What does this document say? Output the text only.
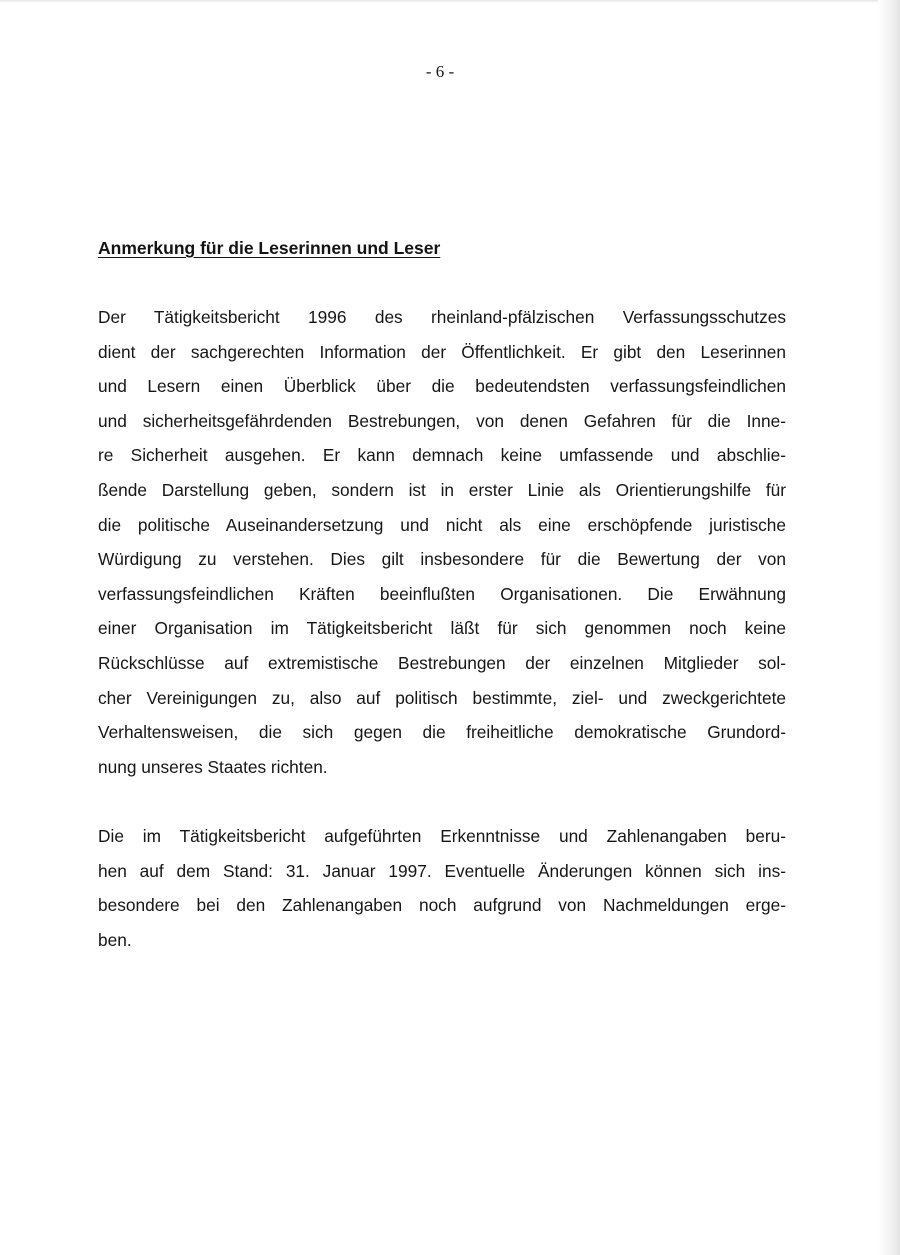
- 6 -
Anmerkung für die Leserinnen und Leser
Der Tätigkeitsbericht 1996 des rheinland-pfälzischen Verfassungsschutzes
dient der sachgerechten Information der Öffentlichkeit. Er gibt den Leserinnen
und Lesern einen Überblick über die bedeutendsten verfassungsfeindlichen
und sicherheitsgefährdenden Bestrebungen, von denen Gefahren für die Inne-
re Sicherheit ausgehen. Er kann demnach keine umfassende und abschlie-
ßende Darstellung geben, sondern ist in erster Linie als Orientierungshilfe für
die politische Auseinandersetzung und nicht als eine erschöpfende juristische
Würdigung zu verstehen. Dies gilt insbesondere für die Bewertung der von
verfassungsfeindlichen Kräften beeinflußten Organisationen. Die Erwähnung
einer Organisation im Tätigkeitsbericht läßt für sich genommen noch keine
Rückschlüsse auf extremistische Bestrebungen der einzelnen Mitglieder sol-
cher Vereinigungen zu, also auf politisch bestimmte, ziel- und zweckgerichtete
Verhaltensweisen, die sich gegen die freiheitliche demokratische Grundord-
nung unseres Staates richten.
Die im Tätigkeitsbericht aufgeführten Erkenntnisse und Zahlenangaben beru-
hen auf dem Stand: 31. Januar 1997. Eventuelle Änderungen können sich ins-
besondere bei den Zahlenangaben noch aufgrund von Nachmeldungen erge-
ben.
